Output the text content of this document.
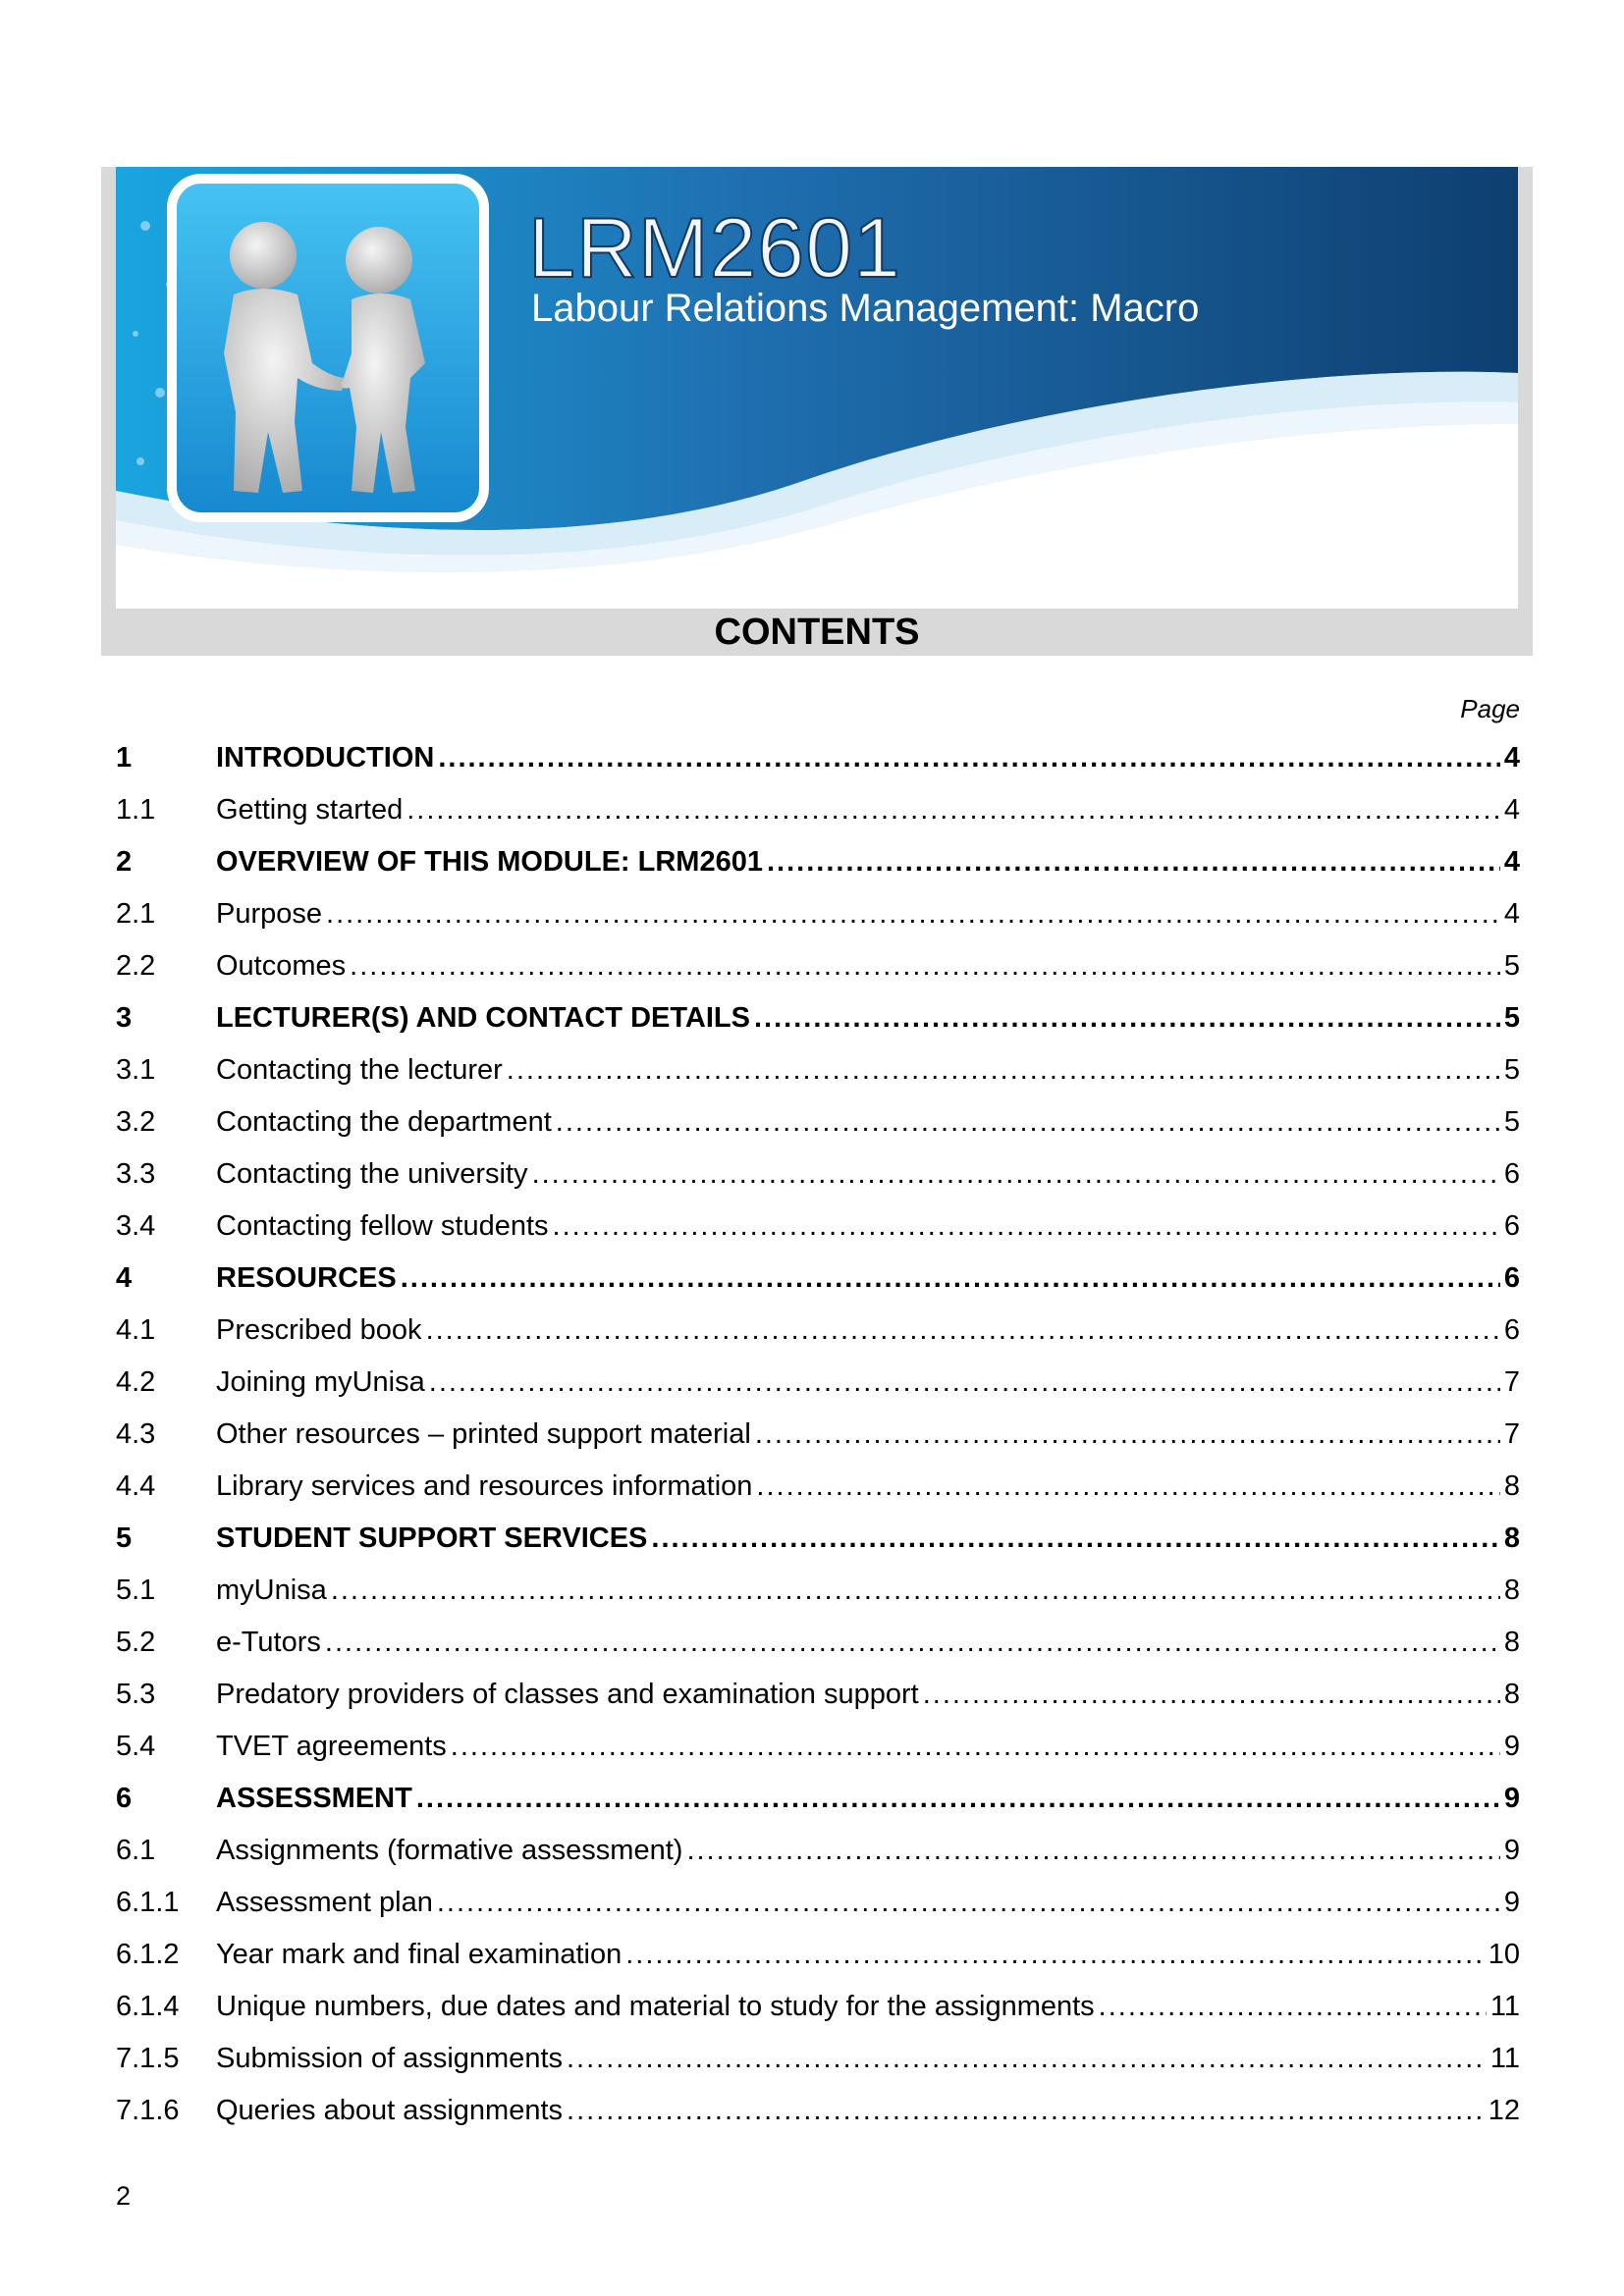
LRM2601
Labour Relations Management: Macro
CONTENTS
Page
1	INTRODUCTION .....	4
1.1	Getting started .....	4
2	OVERVIEW OF THIS MODULE: LRM2601 .....	4
2.1	Purpose .....	4
2.2	Outcomes .....	5
3	LECTURER(S) AND CONTACT DETAILS .....	5
3.1	Contacting the lecturer .....	5
3.2	Contacting the department .....	5
3.3	Contacting the university .....	6
3.4	Contacting fellow students .....	6
4	RESOURCES .....	6
4.1	Prescribed book .....	6
4.2	Joining myUnisa .....	7
4.3	Other resources – printed support material .....	7
4.4	Library services and resources information .....	8
5	STUDENT SUPPORT SERVICES .....	8
5.1	myUnisa .....	8
5.2	e-Tutors .....	8
5.3	Predatory providers of classes and examination support .....	8
5.4	TVET agreements .....	9
6	ASSESSMENT .....	9
6.1	Assignments (formative assessment) .....	9
6.1.1	Assessment plan .....	9
6.1.2	Year mark and final examination .....	10
6.1.4	Unique numbers, due dates and material to study for the assignments .....	11
7.1.5	Submission of assignments .....	11
7.1.6	Queries about assignments .....	12
2
